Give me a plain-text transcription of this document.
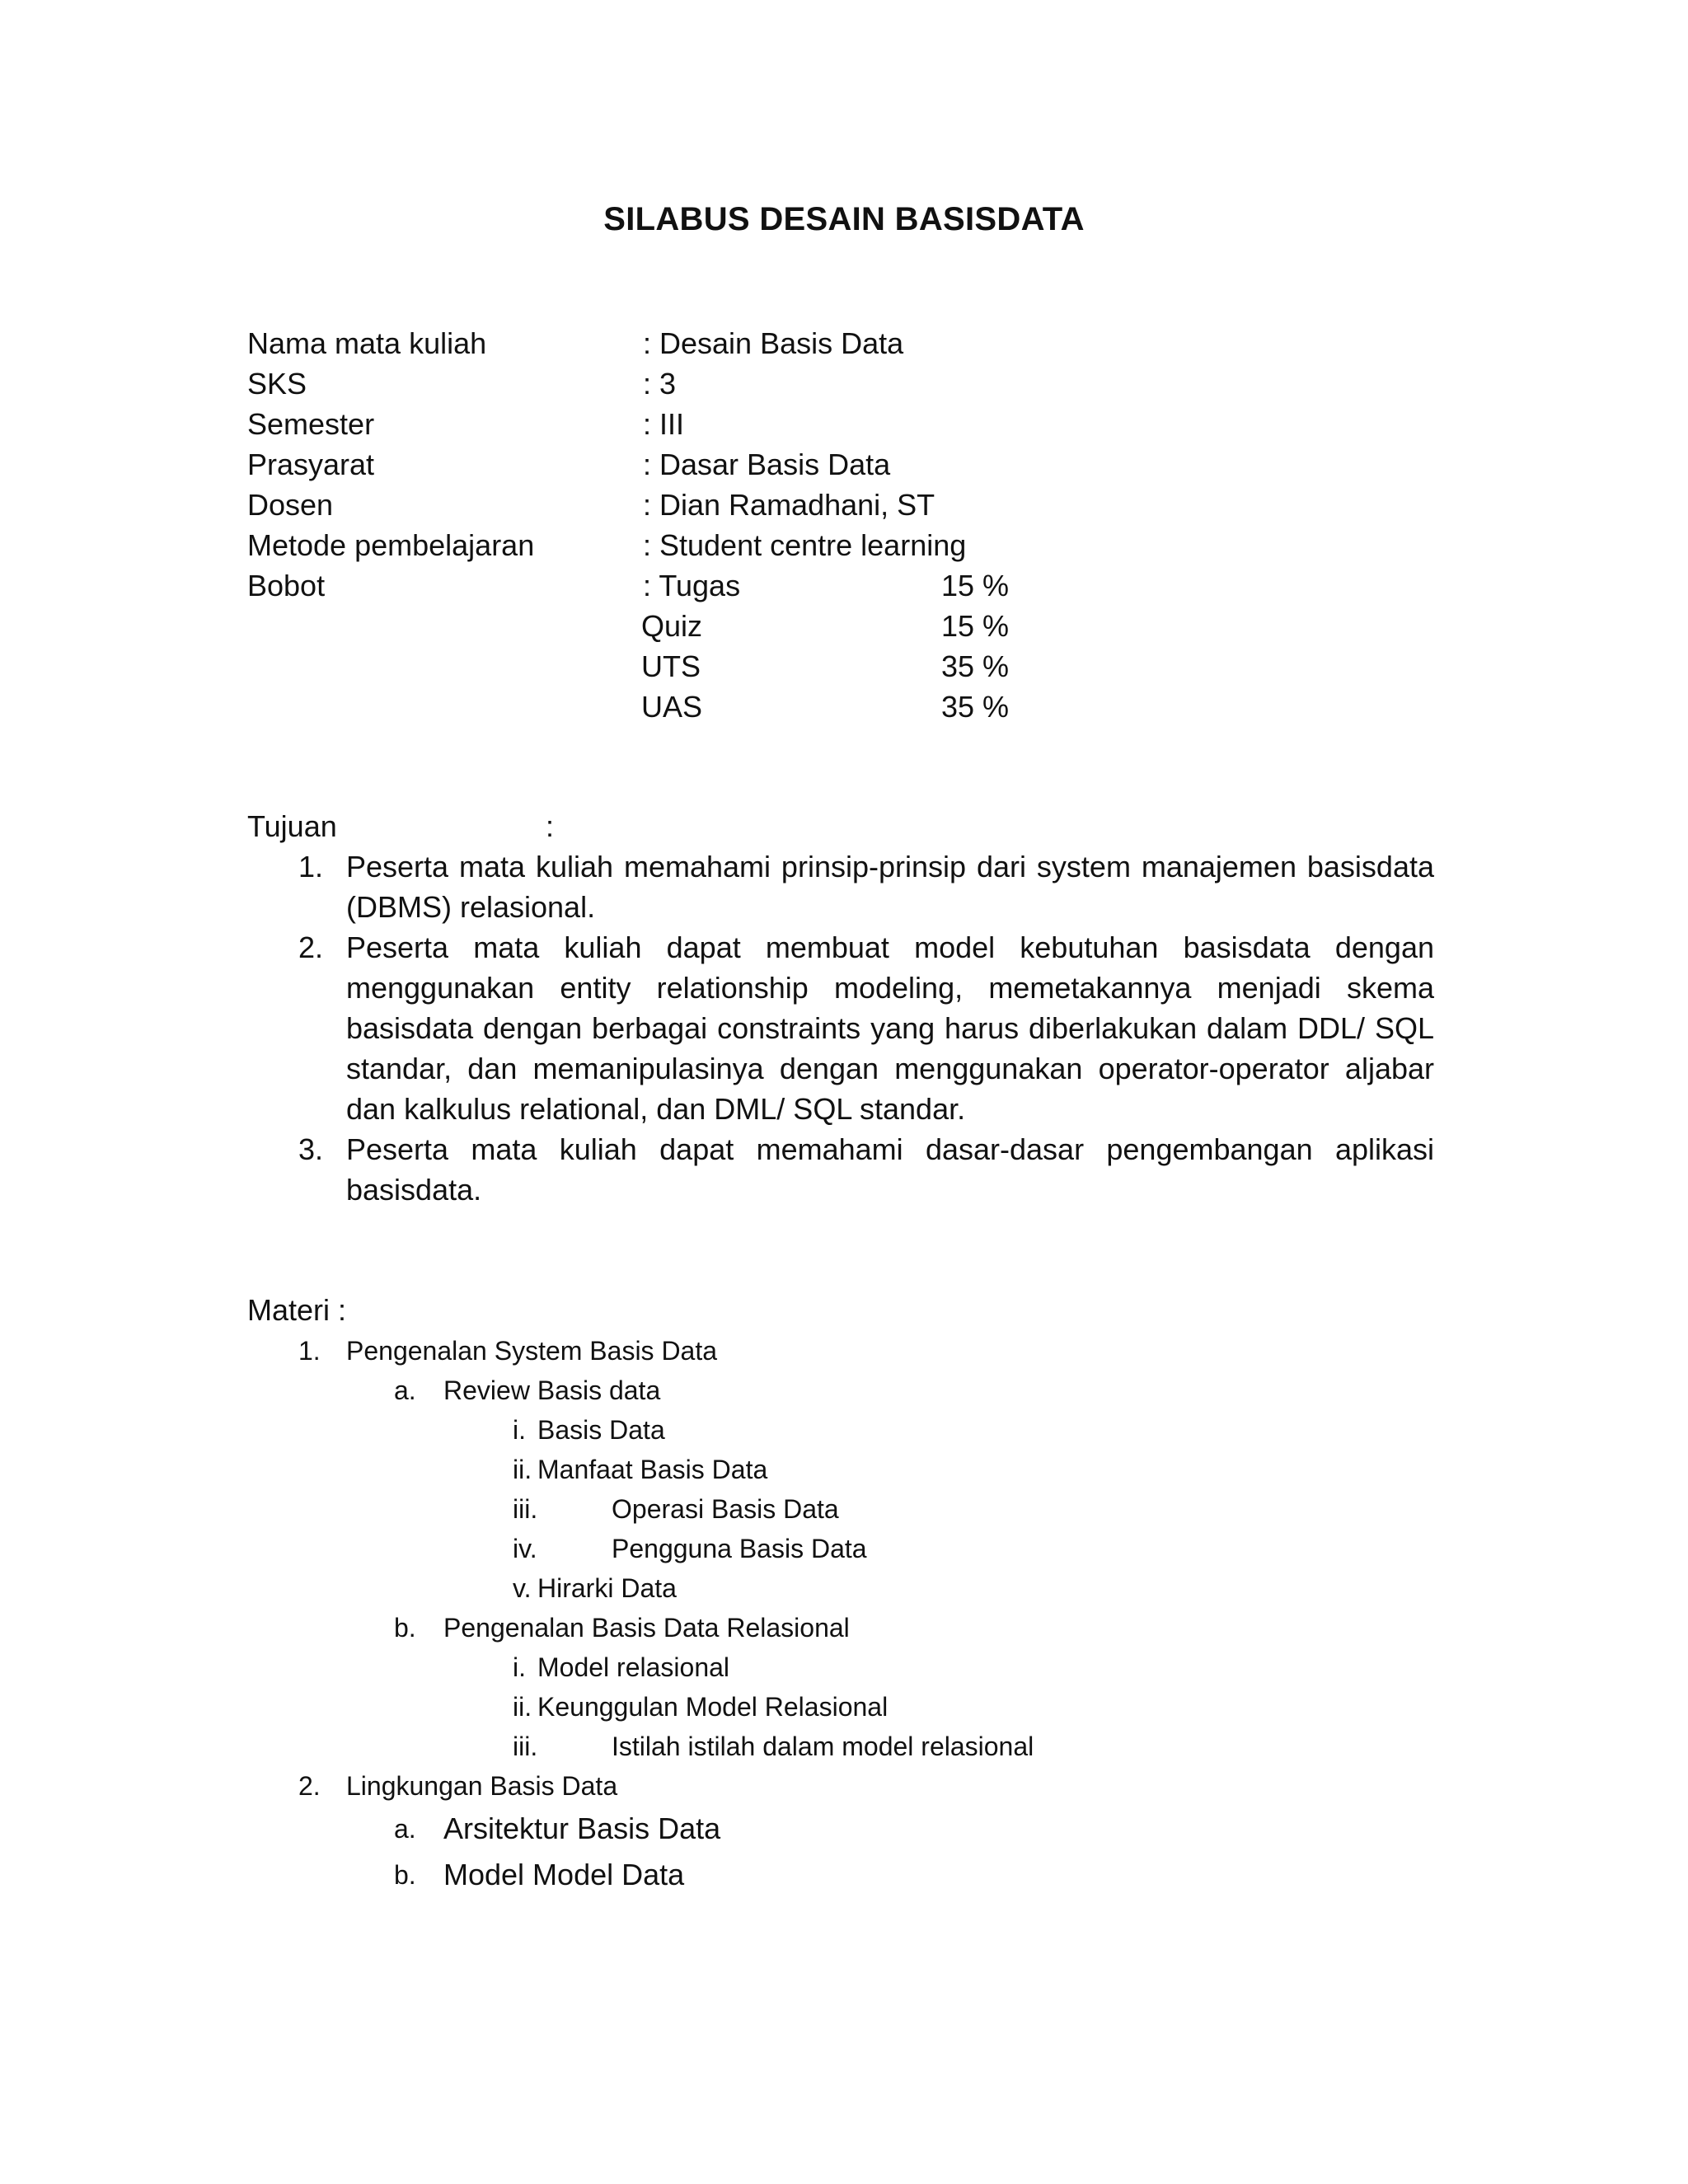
SILABUS DESAIN BASISDATA
Nama mata kuliah	: Desain Basis Data
SKS	: 3
Semester	: III
Prasyarat	: Dasar Basis Data
Dosen	: Dian Ramadhani, ST
Metode pembelajaran	: Student centre learning
Bobot	: Tugas	15 %
Quiz	15 %
UTS	35 %
UAS	35 %
Tujuan	:
1. Peserta mata kuliah memahami prinsip-prinsip dari system manajemen basisdata (DBMS) relasional.
2. Peserta mata kuliah dapat membuat model kebutuhan basisdata dengan menggunakan entity relationship modeling, memetakannya menjadi skema basisdata dengan berbagai constraints yang harus diberlakukan dalam DDL/ SQL standar, dan memanipulasinya dengan menggunakan operator-operator aljabar dan kalkulus relational, dan DML/ SQL standar.
3. Peserta mata kuliah dapat memahami dasar-dasar pengembangan aplikasi basisdata.
Materi :
1. Pengenalan System Basis Data
a. Review Basis data
i. Basis Data
ii. Manfaat Basis Data
iii.	Operasi Basis Data
iv.	Pengguna Basis Data
v. Hirarki Data
b. Pengenalan Basis Data Relasional
i. Model relasional
ii. Keunggulan Model Relasional
iii.	Istilah istilah dalam model relasional
2. Lingkungan Basis Data
a. Arsitektur Basis Data
b. Model Model Data
